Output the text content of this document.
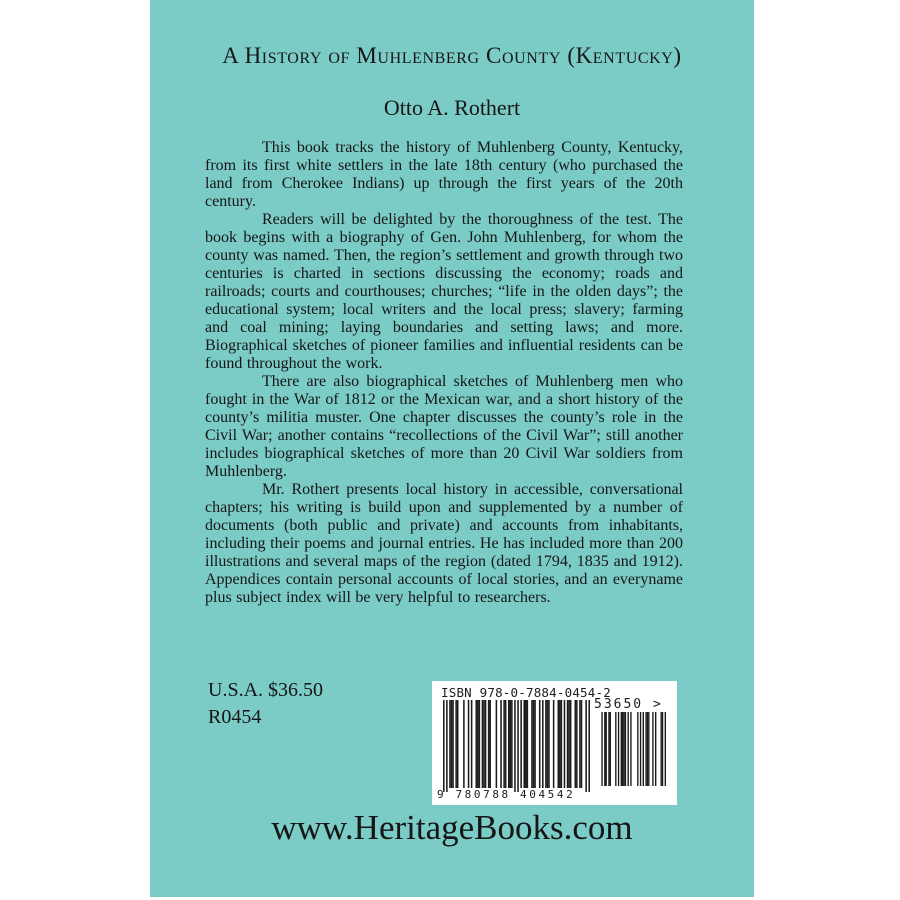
A History of Muhlenberg County (Kentucky)
Otto A. Rothert

This book tracks the history of Muhlenberg County, Kentucky, from its first white settlers in the late 18th century (who purchased the land from Cherokee Indians) up through the first years of the 20th century.

Readers will be delighted by the thoroughness of the test. The book begins with a biography of Gen. John Muhlenberg, for whom the county was named. Then, the region’s settlement and growth through two centuries is charted in sections discussing the economy; roads and railroads; courts and courthouses; churches; “life in the olden days”; the educational system; local writers and the local press; slavery; farming and coal mining; laying boundaries and setting laws; and more. Biographical sketches of pioneer families and influential residents can be found throughout the work.

There are also biographical sketches of Muhlenberg men who fought in the War of 1812 or the Mexican war, and a short history of the county’s militia muster. One chapter discusses the county’s role in the Civil War; another contains “recollections of the Civil War”; still another includes biographical sketches of more than 20 Civil War soldiers from Muhlenberg.

Mr. Rothert presents local history in accessible, conversational chapters; his writing is build upon and supplemented by a number of documents (both public and private) and accounts from inhabitants, including their poems and journal entries. He has included more than 200 illustrations and several maps of the region (dated 1794, 1835 and 1912). Appendices contain personal accounts of local stories, and an everyname plus subject index will be very helpful to researchers.

U.S.A. $36.50
R0454
ISBN 978-0-7884-0454-2
9 780788 404542
53650 >
www.HeritageBooks.com
